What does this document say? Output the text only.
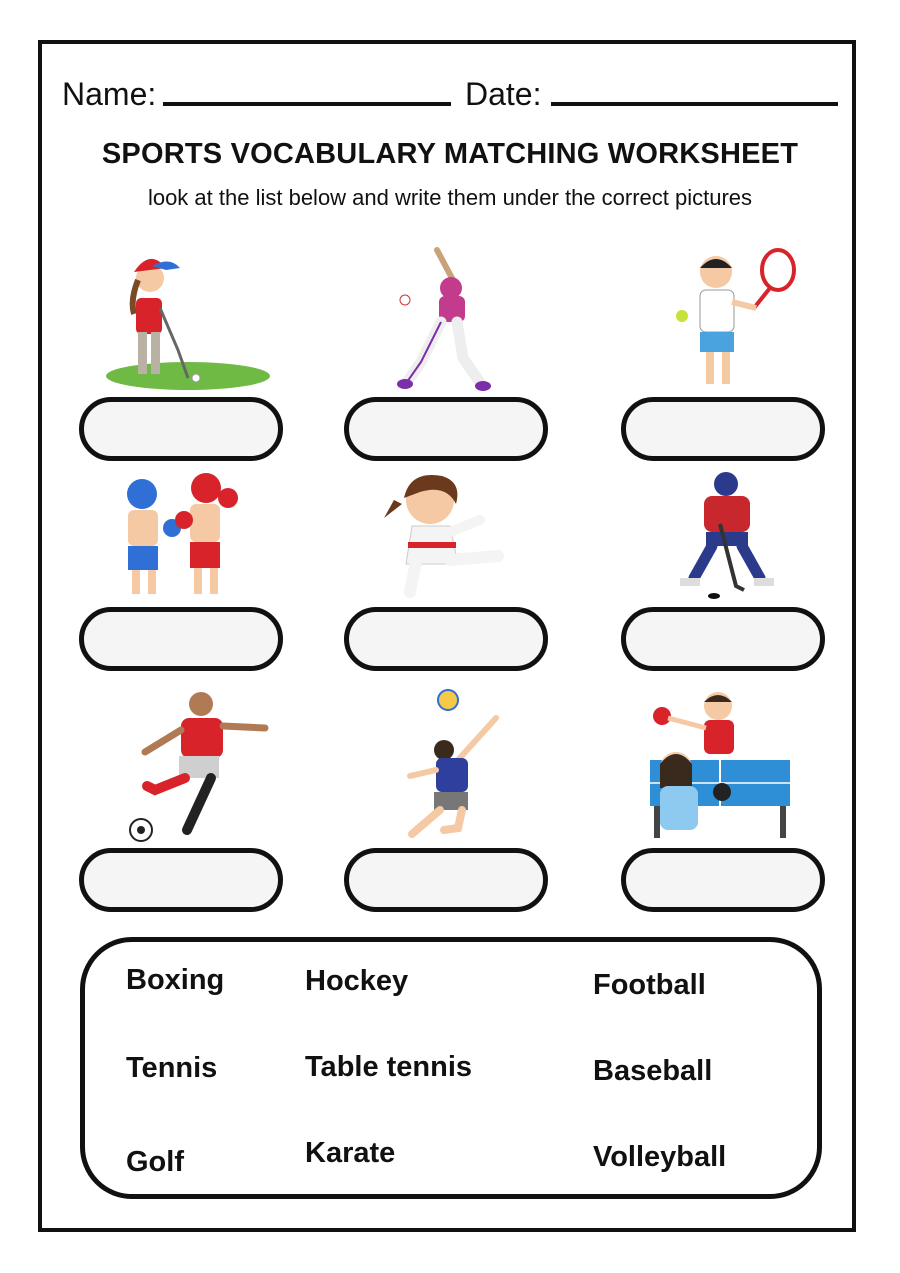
Name:	Date:
SPORTS VOCABULARY MATCHING WORKSHEET
look at the list below and write them under the correct pictures
Boxing
Tennis
Golf
Hockey
Table tennis
Karate
Football
Baseball
Volleyball
